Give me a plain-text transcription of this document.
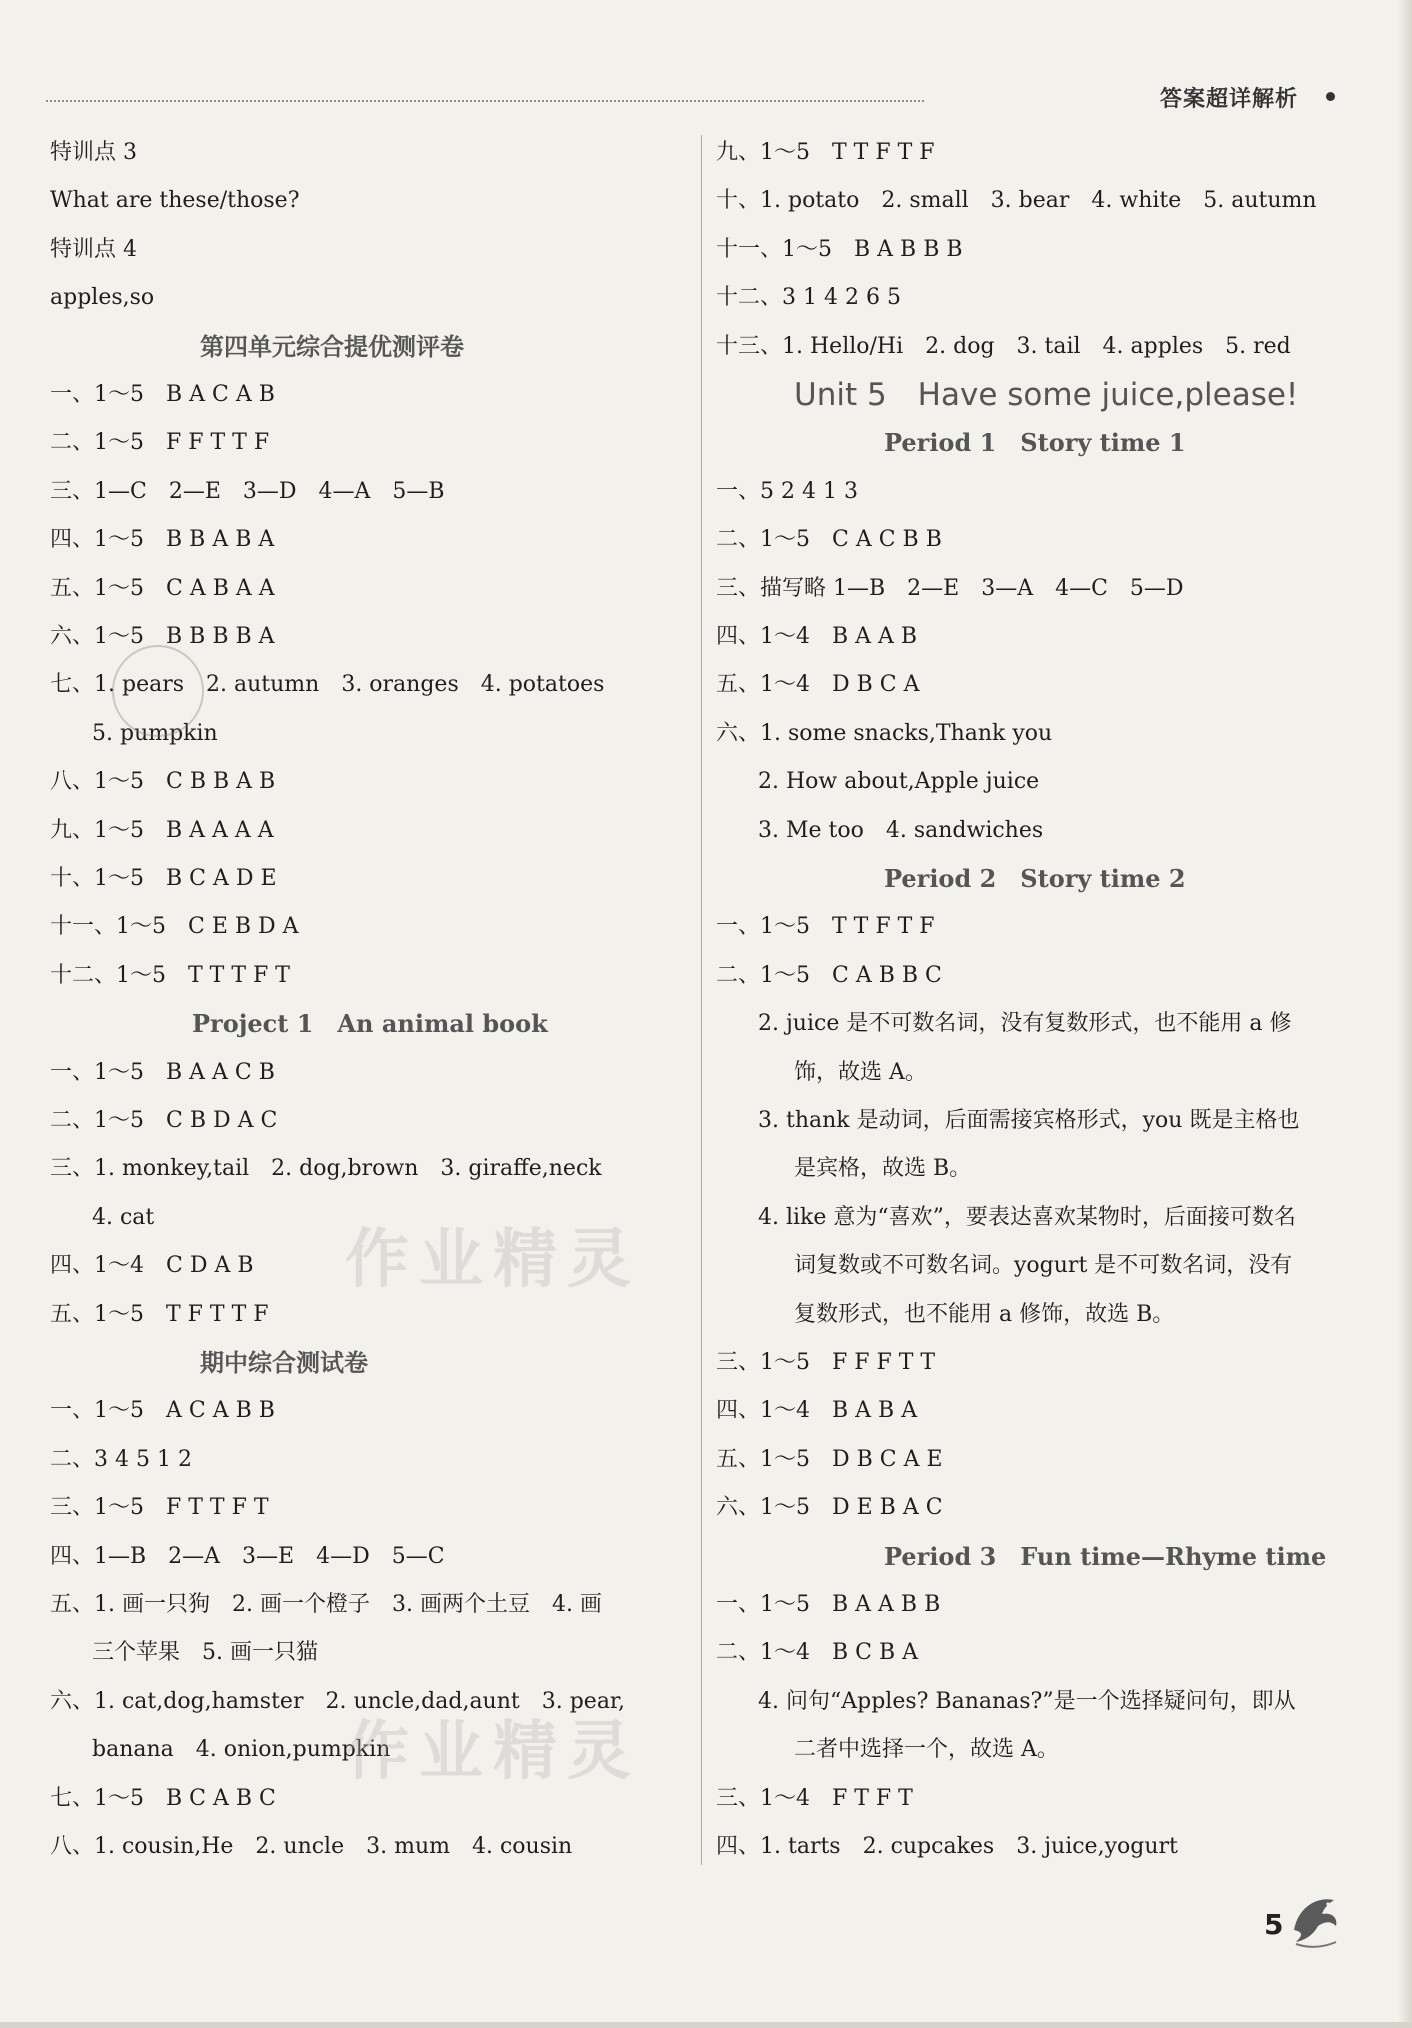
答案超详解析
特训点 3
What are these/those?
特训点 4
apples,so
第四单元综合提优测评卷
一、1～5　B A C A B
二、1～5　F F T T F
三、1—C　2—E　3—D　4—A　5—B
四、1～5　B B A B A
五、1～5　C A B A A
六、1～5　B B B B A
七、1. pears　2. autumn　3. oranges　4. potatoes
5. pumpkin
八、1～5　C B B A B
九、1～5　B A A A A
十、1～5　B C A D E
十一、1～5　C E B D A
十二、1～5　T T T F T
Project 1　An animal book
一、1～5　B A A C B
二、1～5　C B D A C
三、1. monkey,tail　2. dog,brown　3. giraffe,neck
4. cat
四、1～4　C D A B
五、1～5　T F T T F
期中综合测试卷
一、1～5　A C A B B
二、3 4 5 1 2
三、1～5　F T T F T
四、1—B　2—A　3—E　4—D　5—C
五、1. 画一只狗　2. 画一个橙子　3. 画两个土豆　4. 画
三个苹果　5. 画一只猫
六、1. cat,dog,hamster　2. uncle,dad,aunt　3. pear,
banana　4. onion,pumpkin
七、1～5　B C A B C
八、1. cousin,He　2. uncle　3. mum　4. cousin
九、1～5　T T F T F
十、1. potato　2. small　3. bear　4. white　5. autumn
十一、1～5　B A B B B
十二、3 1 4 2 6 5
十三、1. Hello/Hi　2. dog　3. tail　4. apples　5. red
Unit 5　Have some juice,please!
Period 1　Story time 1
一、5 2 4 1 3
二、1～5　C A C B B
三、描写略 1—B　2—E　3—A　4—C　5—D
四、1～4　B A A B
五、1～4　D B C A
六、1. some snacks,Thank you
2. How about,Apple juice
3. Me too　4. sandwiches
Period 2　Story time 2
一、1～5　T T F T F
二、1～5　C A B B C
2. juice 是不可数名词，没有复数形式，也不能用 a 修
饰，故选 A。
3. thank 是动词，后面需接宾格形式，you 既是主格也
是宾格，故选 B。
4. like 意为“喜欢”，要表达喜欢某物时，后面接可数名
词复数或不可数名词。yogurt 是不可数名词，没有
复数形式，也不能用 a 修饰，故选 B。
三、1～5　F F F T T
四、1～4　B A B A
五、1～5　D B C A E
六、1～5　D E B A C
Period 3　Fun time—Rhyme time
一、1～5　B A A B B
二、1～4　B C B A
4. 问句“Apples? Bananas?”是一个选择疑问句，即从
二者中选择一个，故选 A。
三、1～4　F T F T
四、1. tarts　2. cupcakes　3. juice,yogurt
作业精灵
作业精灵
5
